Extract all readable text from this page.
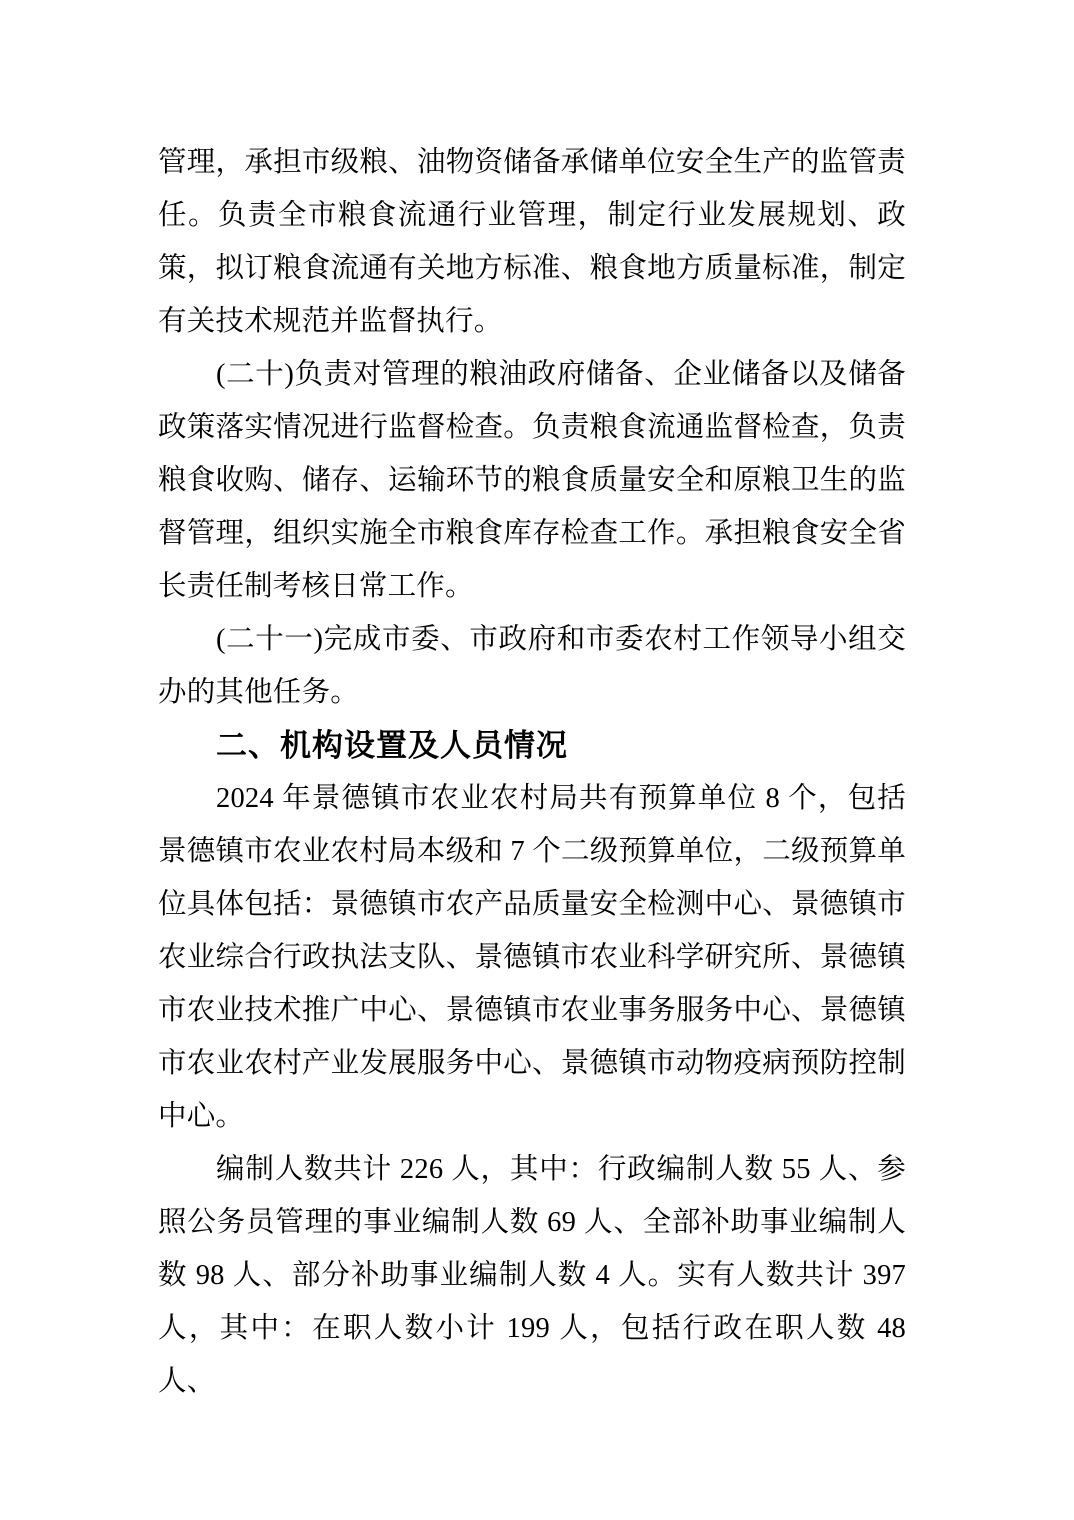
管理，承担市级粮、油物资储备承储单位安全生产的监管责任。负责全市粮食流通行业管理，制定行业发展规划、政策，拟订粮食流通有关地方标准、粮食地方质量标准，制定有关技术规范并监督执行。

(二十)负责对管理的粮油政府储备、企业储备以及储备政策落实情况进行监督检查。负责粮食流通监督检查，负责粮食收购、储存、运输环节的粮食质量安全和原粮卫生的监督管理，组织实施全市粮食库存检查工作。承担粮食安全省长责任制考核日常工作。

(二十一)完成市委、市政府和市委农村工作领导小组交办的其他任务。

二、机构设置及人员情况

2024 年景德镇市农业农村局共有预算单位 8 个，包括景德镇市农业农村局本级和 7 个二级预算单位，二级预算单位具体包括：景德镇市农产品质量安全检测中心、景德镇市农业综合行政执法支队、景德镇市农业科学研究所、景德镇市农业技术推广中心、景德镇市农业事务服务中心、景德镇市农业农村产业发展服务中心、景德镇市动物疫病预防控制中心。

编制人数共计 226 人，其中：行政编制人数 55 人、参照公务员管理的事业编制人数 69 人、全部补助事业编制人数 98 人、部分补助事业编制人数 4 人。实有人数共计 397 人，其中：在职人数小计 199 人，包括行政在职人数 48 人、
